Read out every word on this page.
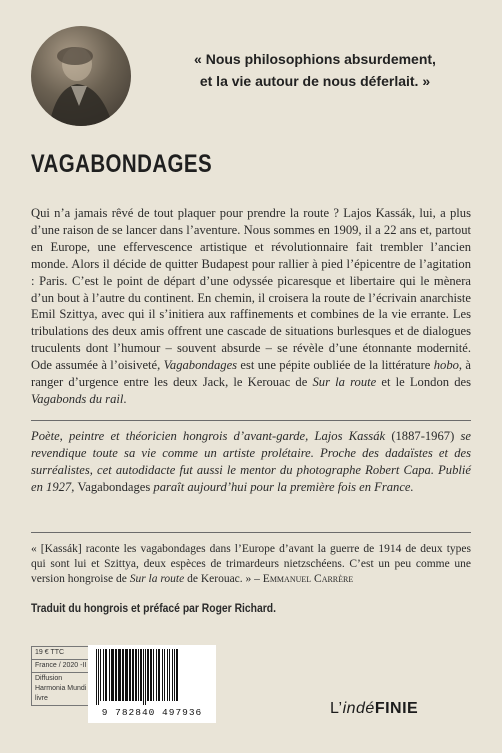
« Nous philosophions absurdement,
et la vie autour de nous déferlait. »
VAGABONDAGES

Qui n’a jamais rêvé de tout plaquer pour prendre la route ? Lajos Kassák, lui, a plus d’une raison de se lancer dans l’aventure. Nous sommes en 1909, il a 22 ans et, partout en Europe, une effervescence artistique et révolutionnaire fait trembler l’ancien monde. Alors il décide de quitter Budapest pour rallier à pied l’épicentre de l’agitation : Paris. C’est le point de départ d’une odyssée picaresque et libertaire qui le mènera d’un bout à l’autre du continent. En chemin, il croisera la route de l’écrivain anarchiste Emil Szittya, avec qui il s’initiera aux raffinements et combines de la vie errante. Les tribulations des deux amis offrent une cascade de situations burlesques et de dialogues truculents dont l’humour – souvent absurde – se révèle d’une étonnante modernité. Ode assumée à l’oisiveté, Vagabondages est une pépite oubliée de la littérature hobo, à ranger d’urgence entre les deux Jack, le Kerouac de Sur la route et le London des Vagabonds du rail.

Poète, peintre et théoricien hongrois d’avant-garde, Lajos Kassák (1887-1967) se revendique toute sa vie comme un artiste prolétaire. Proche des dadaïstes et des surréalistes, cet autodidacte fut aussi le mentor du photographe Robert Capa. Publié en 1927, Vagabondages paraît aujourd’hui pour la première fois en France.
« [Kassák] raconte les vagabondages dans l’Europe d’avant la guerre de 1914 de deux types qui sont lui et Szittya, deux espèces de trimardeurs nietzschéens. C’est un peu comme une version hongroise de Sur la route de Kerouac. » – Emmanuel Carrère
Traduit du hongrois et préfacé par Roger Richard.
19 € TTC
France / 2020 -II
Diffusion Harmonia Mundi livre
9 782840 497936	L’indéFINIE
